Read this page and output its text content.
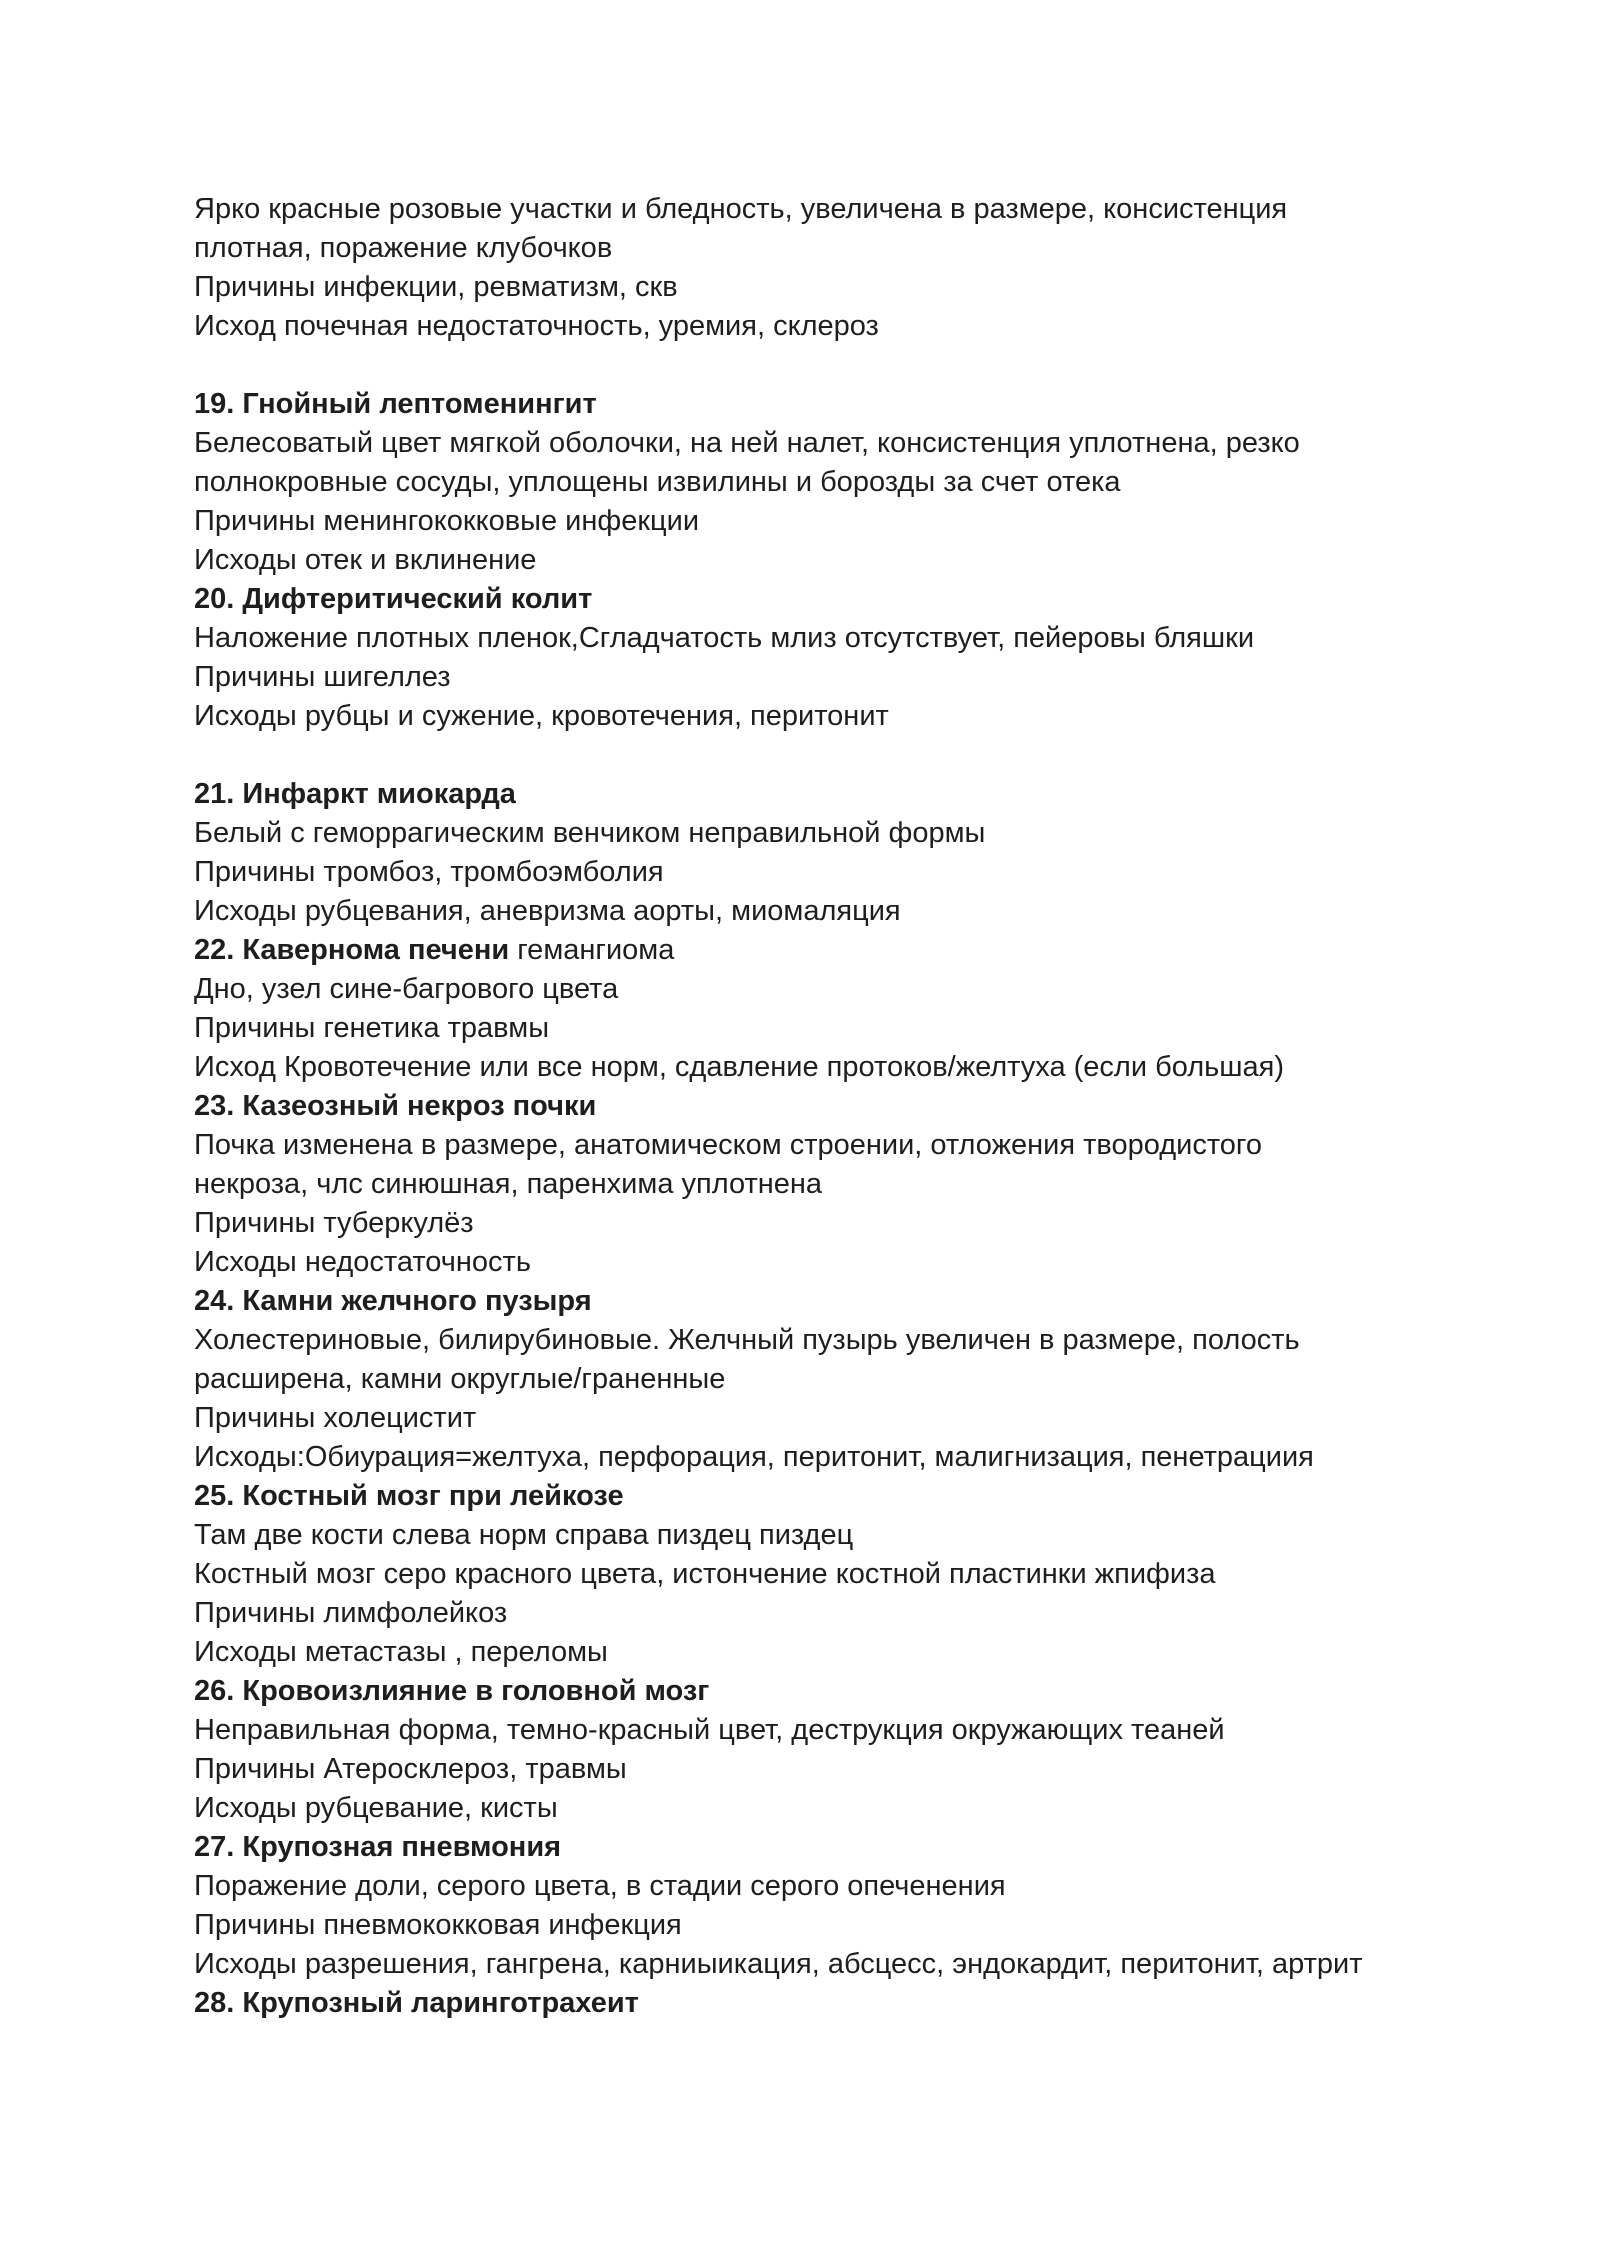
Ярко красные розовые участки и бледность, увеличена в размере, консистенция

плотная, поражение клубочков

Причины инфекции, ревматизм, скв

Исход почечная недостаточность, уремия, склероз

19. Гнойный лептоменингит

Белесоватый цвет мягкой оболочки, на ней налет, консистенция уплотнена, резко

полнокровные сосуды, уплощены извилины и борозды за счет отека

Причины менингококковые инфекции

Исходы отек и вклинение

20. Дифтеритический колит

Наложение плотных пленок,Сгладчатость млиз отсутствует, пейеровы бляшки

Причины шигеллез

Исходы рубцы и сужение, кровотечения, перитонит

21. Инфаркт миокарда

Белый с геморрагическим венчиком неправильной формы

Причины тромбоз, тромбоэмболия

Исходы рубцевания, аневризма аорты, миомаляция

22. Кавернома печени гемангиома

Дно, узел сине-багрового цвета

Причины генетика травмы

Исход Кровотечение или все норм, сдавление протоков/желтуха (если большая)

23. Казеозный некроз почки

Почка изменена в размере, анатомическом строении, отложения твородистого

некроза, члс синюшная, паренхима уплотнена

Причины туберкулёз

Исходы недостаточность

24. Камни желчного пузыря

Холестериновые, билирубиновые. Желчный пузырь увеличен в размере, полость

расширена, камни округлые/граненные

Причины холецистит

Исходы:Обиурация=желтуха, перфорация, перитонит, малигнизация, пенетрациия

25. Костный мозг при лейкозе

Там две кости слева норм справа пиздец пиздец

Костный мозг серо красного цвета, истончение костной пластинки жпифиза

Причины лимфолейкоз

Исходы метастазы , переломы

26. Кровоизлияние в головной мозг

Неправильная форма, темно-красный цвет, деструкция окружающих теаней

Причины Атеросклероз, травмы

Исходы рубцевание, кисты

27. Крупозная пневмония

Поражение доли, серого цвета, в стадии серого опеченения

Причины пневмококковая инфекция

Исходы разрешения, гангрена, карниыикация, абсцесс, эндокардит, перитонит, артрит

28. Крупозный ларинготрахеит
